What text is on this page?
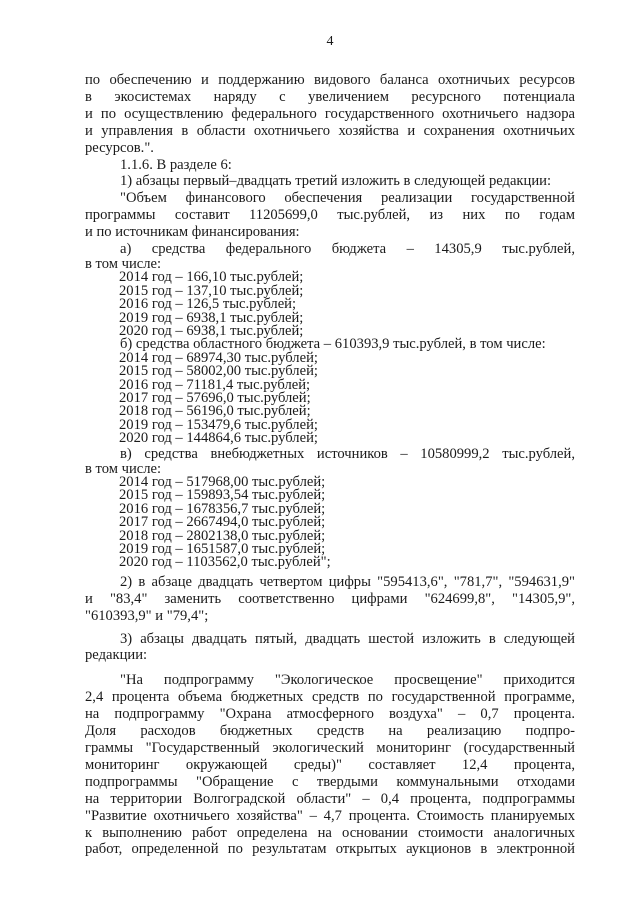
4
по обеспечению и поддержанию видового баланса охотничьих ресурсов
в экосистемах наряду с увеличением ресурсного потенциала
и по осуществлению федерального государственного охотничьего надзора
и управления в области охотничьего хозяйства и сохранения охотничьих
ресурсов.".
1.1.6. В разделе 6:
1) абзацы первый–двадцать третий изложить в следующей редакции:
"Объем финансового обеспечения реализации государственной
программы составит 11205699,0 тыс.рублей, из них по годам
и по источникам финансирования:
а) средства федерального бюджета – 14305,9 тыс.рублей,
в том числе:
2014 год – 166,10 тыс.рублей;
2015 год – 137,10 тыс.рублей;
2016 год – 126,5 тыс.рублей;
2019 год – 6938,1 тыс.рублей;
2020 год – 6938,1 тыс.рублей;
б) средства областного бюджета – 610393,9 тыс.рублей, в том числе:
2014 год – 68974,30 тыс.рублей;
2015 год – 58002,00 тыс.рублей;
2016 год – 71181,4 тыс.рублей;
2017 год – 57696,0 тыс.рублей;
2018 год – 56196,0 тыс.рублей;
2019 год – 153479,6 тыс.рублей;
2020 год – 144864,6 тыс.рублей;
в) средства внебюджетных источников – 10580999,2 тыс.рублей,
в том числе:
2014 год – 517968,00 тыс.рублей;
2015 год – 159893,54 тыс.рублей;
2016 год – 1678356,7 тыс.рублей;
2017 год – 2667494,0 тыс.рублей;
2018 год – 2802138,0 тыс.рублей;
2019 год – 1651587,0 тыс.рублей;
2020 год – 1103562,0 тыс.рублей";
2) в абзаце двадцать четвертом цифры "595413,6", "781,7", "594631,9"
и "83,4" заменить соответственно цифрами "624699,8", "14305,9",
"610393,9" и "79,4";
3) абзацы двадцать пятый, двадцать шестой изложить в следующей
редакции:
"На подпрограмму "Экологическое просвещение" приходится
2,4 процента объема бюджетных средств по государственной программе,
на подпрограмму "Охрана атмосферного воздуха" – 0,7 процента.
Доля расходов бюджетных средств на реализацию подпро-
граммы "Государственный экологический мониторинг (государственный
мониторинг окружающей среды)" составляет 12,4 процента,
подпрограммы "Обращение с твердыми коммунальными отходами
на территории Волгоградской области" – 0,4 процента, подпрограммы
"Развитие охотничьего хозяйства" – 4,7 процента. Стоимость планируемых
к выполнению работ определена на основании стоимости аналогичных
работ, определенной по результатам открытых аукционов в электронной
